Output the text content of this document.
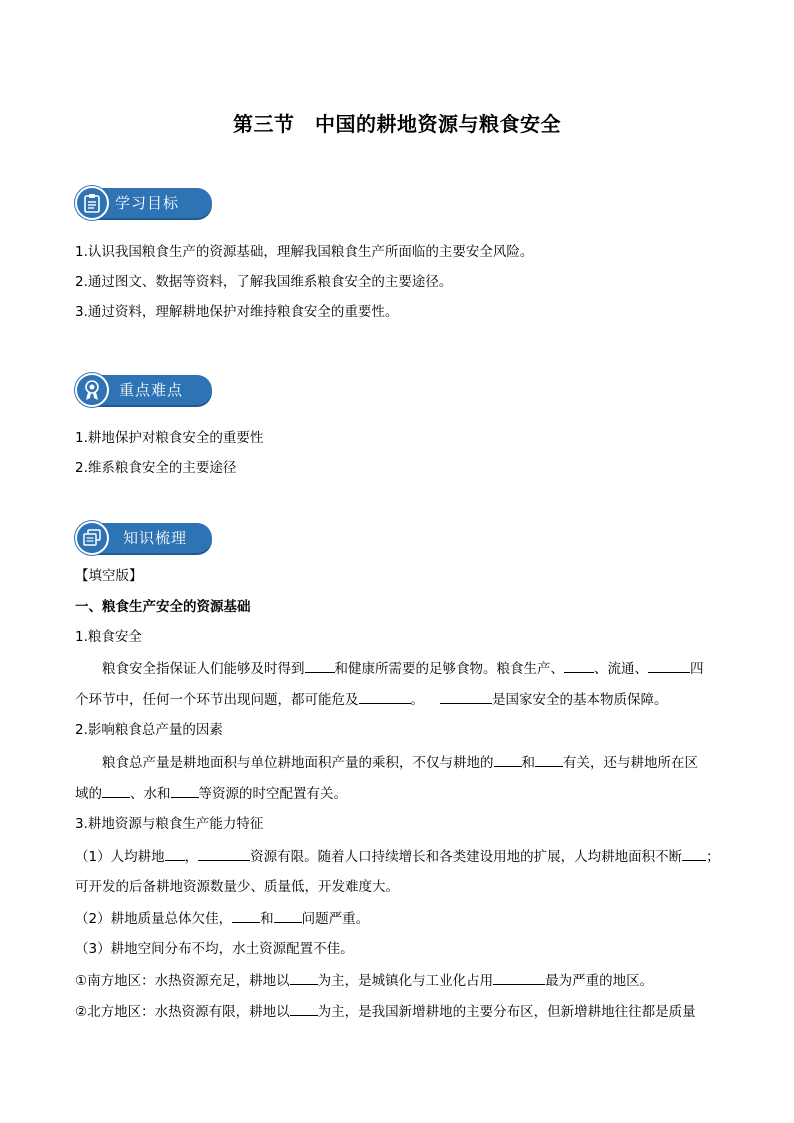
第三节　中国的耕地资源与粮食安全
学习目标
1.认识我国粮食生产的资源基础，理解我国粮食生产所面临的主要安全风险。
2.通过图文、数据等资料，了解我国维系粮食安全的主要途径。
3.通过资料，理解耕地保护对维持粮食安全的重要性。
重点难点
1.耕地保护对粮食安全的重要性
2.维系粮食安全的主要途径
知识梳理
【填空版】
一、粮食生产安全的资源基础
1.粮食安全
粮食安全指保证人们能够及时得到 和健康所需要的足够食物。粮食生产、 、流通、	四
个环节中，任何一个环节出现问题，都可能危及	。	是国家安全的基本物质保障。
2.影响粮食总产量的因素
粮食总产量是耕地面积与单位耕地面积产量的乘积，不仅与耕地的 和 有关，还与耕地所在区
域的 、水和 等资源的时空配置有关。
3.耕地资源与粮食生产能力特征
（1）人均耕地 ，	资源有限。随着人口持续增长和各类建设用地的扩展，人均耕地面积不断 ；
可开发的后备耕地资源数量少、质量低，开发难度大。
（2）耕地质量总体欠佳， 和 问题严重。
（3）耕地空间分布不均，水土资源配置不佳。
①南方地区：水热资源充足，耕地以 为主，是城镇化与工业化占用	最为严重的地区。
②北方地区：水热资源有限，耕地以 为主，是我国新增耕地的主要分布区，但新增耕地往往都是质量
